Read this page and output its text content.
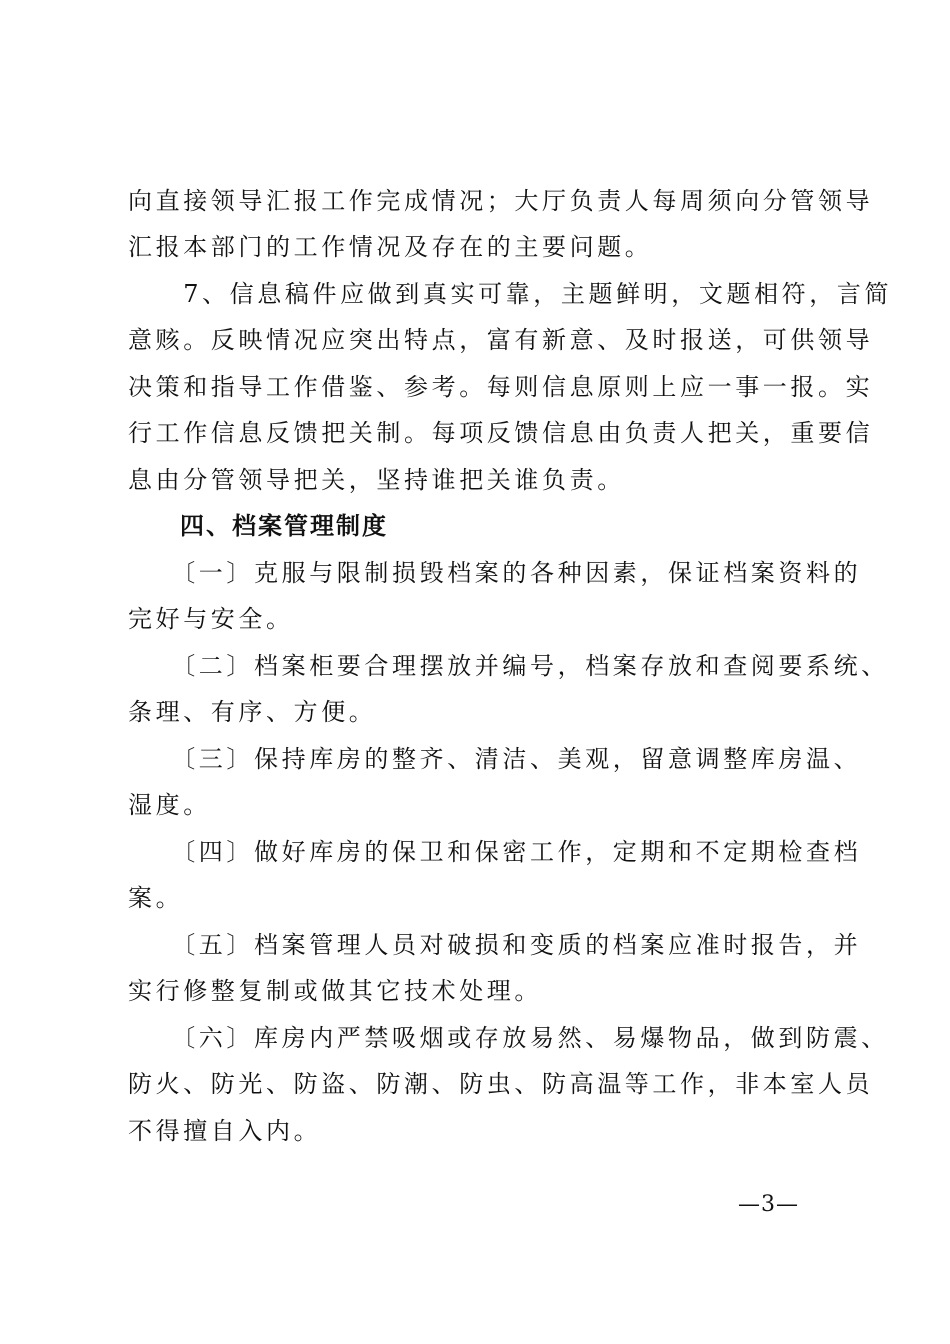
向直接领导汇报工作完成情况；大厅负责人每周须向分管领导
汇报本部门的工作情况及存在的主要问题。
　　7、信息稿件应做到真实可靠，主题鲜明，文题相符，言简
意赅。反映情况应突出特点，富有新意、及时报送，可供领导
决策和指导工作借鉴、参考。每则信息原则上应一事一报。实
行工作信息反馈把关制。每项反馈信息由负责人把关，重要信
息由分管领导把关，坚持谁把关谁负责。
　　四、档案管理制度
　　〔一〕克服与限制损毁档案的各种因素，保证档案资料的
完好与安全。
　　〔二〕档案柜要合理摆放并编号，档案存放和查阅要系统、
条理、有序、方便。
　　〔三〕保持库房的整齐、清洁、美观，留意调整库房温、
湿度。
　　〔四〕做好库房的保卫和保密工作，定期和不定期检查档
案。
　　〔五〕档案管理人员对破损和变质的档案应准时报告，并
实行修整复制或做其它技术处理。
　　〔六〕库房内严禁吸烟或存放易然、易爆物品，做到防震、
防火、防光、防盗、防潮、防虫、防高温等工作，非本室人员
不得擅自入内。
—3—
